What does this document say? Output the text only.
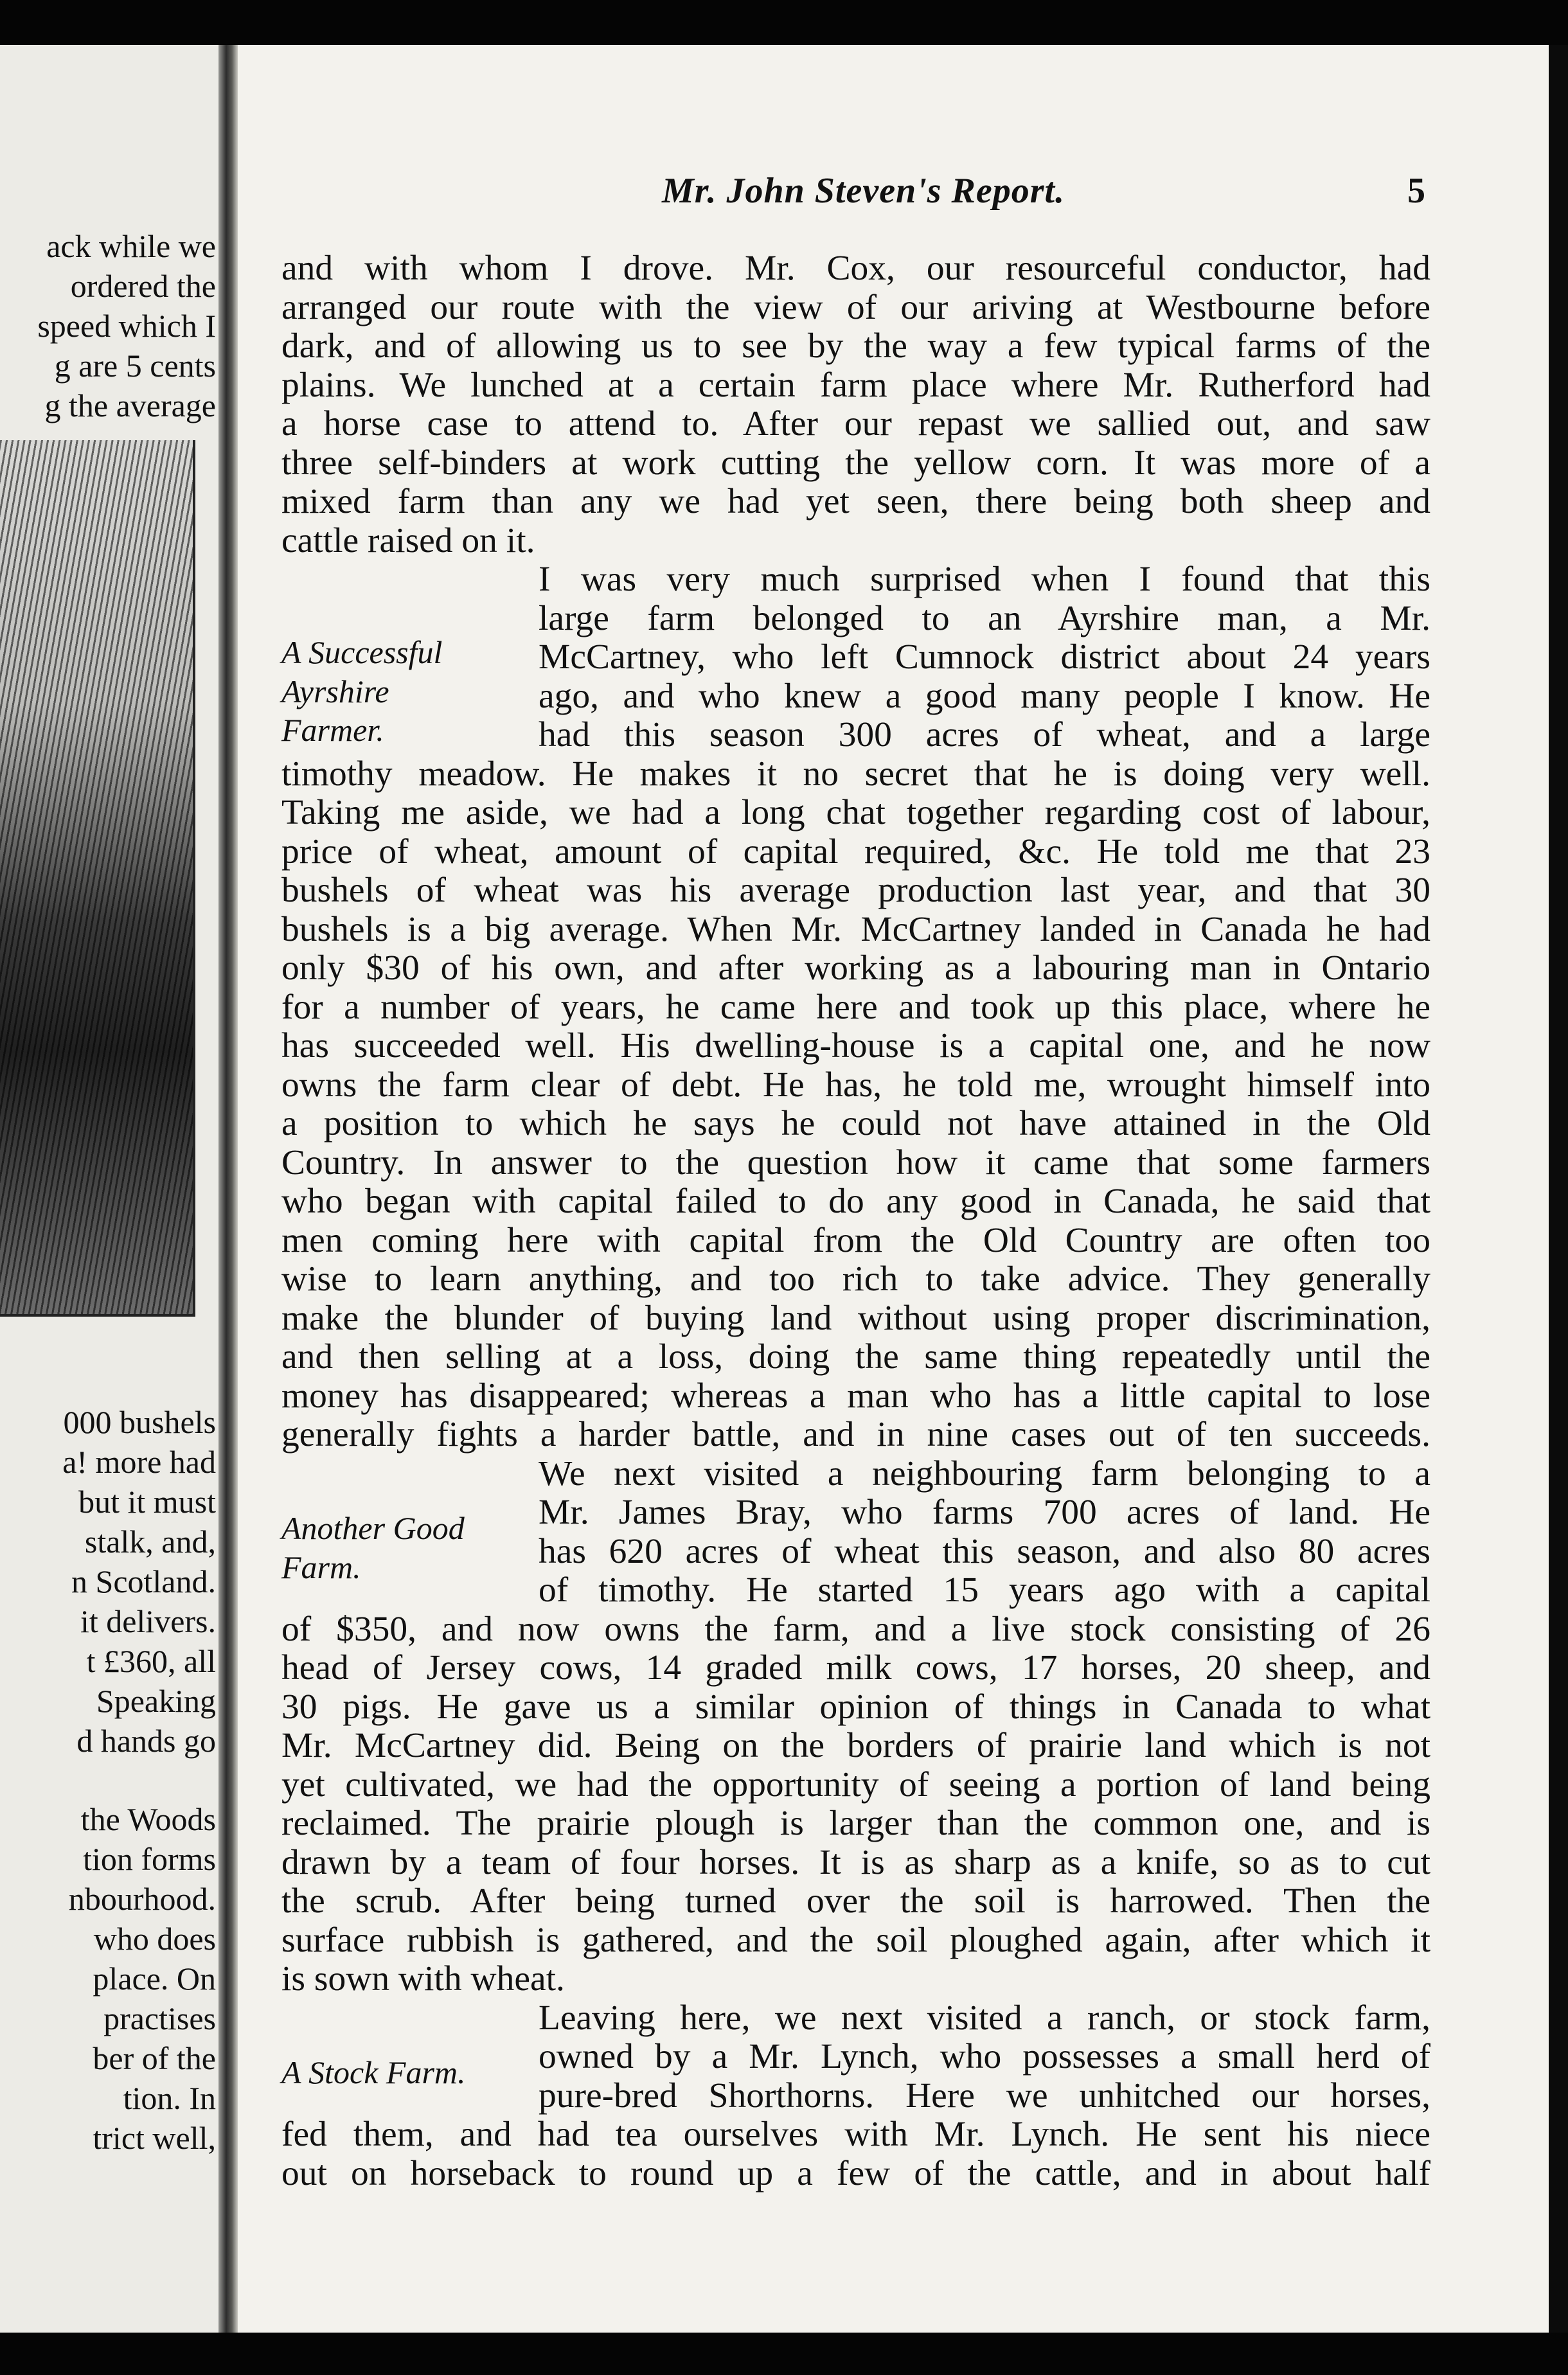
ack while we
ordered the
speed which I
g are 5 cents
g the average
000 bushels
a! more had
but it must
stalk, and,
n Scotland.
it delivers.
t £360, all
Speaking
d hands go
the Woods
tion forms
nbourhood.
who does
place. On
practises
ber of the
tion. In
trict well,
Mr. John Steven's Report.	5
A Successful
Ayrshire
Farmer.
Another Good
Farm.
A Stock Farm.
and with whom I drove. Mr. Cox, our resourceful conductor, had
arranged our route with the view of our ariving at Westbourne before
dark, and of allowing us to see by the way a few typical farms of the
plains. We lunched at a certain farm place where Mr. Rutherford had
a horse case to attend to. After our repast we sallied out, and saw
three self-binders at work cutting the yellow corn. It was more of a
mixed farm than any we had yet seen, there being both sheep and
cattle raised on it.
I was very much surprised when I found that this
large farm belonged to an Ayrshire man, a Mr.
McCartney, who left Cumnock district about 24 years
ago, and who knew a good many people I know. He
had this season 300 acres of wheat, and a large
timothy meadow. He makes it no secret that he is doing very well.
Taking me aside, we had a long chat together regarding cost of labour,
price of wheat, amount of capital required, &c. He told me that 23
bushels of wheat was his average production last year, and that 30
bushels is a big average. When Mr. McCartney landed in Canada he had
only $30 of his own, and after working as a labouring man in Ontario
for a number of years, he came here and took up this place, where he
has succeeded well. His dwelling-house is a capital one, and he now
owns the farm clear of debt. He has, he told me, wrought himself into
a position to which he says he could not have attained in the Old
Country. In answer to the question how it came that some farmers
who began with capital failed to do any good in Canada, he said that
men coming here with capital from the Old Country are often too
wise to learn anything, and too rich to take advice. They generally
make the blunder of buying land without using proper discrimination,
and then selling at a loss, doing the same thing repeatedly until the
money has disappeared; whereas a man who has a little capital to lose
generally fights a harder battle, and in nine cases out of ten succeeds.
We next visited a neighbouring farm belonging to a
Mr. James Bray, who farms 700 acres of land. He
has 620 acres of wheat this season, and also 80 acres
of timothy. He started 15 years ago with a capital
of $350, and now owns the farm, and a live stock consisting of 26
head of Jersey cows, 14 graded milk cows, 17 horses, 20 sheep, and
30 pigs. He gave us a similar opinion of things in Canada to what
Mr. McCartney did. Being on the borders of prairie land which is not
yet cultivated, we had the opportunity of seeing a portion of land being
reclaimed. The prairie plough is larger than the common one, and is
drawn by a team of four horses. It is as sharp as a knife, so as to cut
the scrub. After being turned over the soil is harrowed. Then the
surface rubbish is gathered, and the soil ploughed again, after which it
is sown with wheat.
Leaving here, we next visited a ranch, or stock farm,
owned by a Mr. Lynch, who possesses a small herd of
pure-bred Shorthorns. Here we unhitched our horses,
fed them, and had tea ourselves with Mr. Lynch. He sent his niece
out on horseback to round up a few of the cattle, and in about half
